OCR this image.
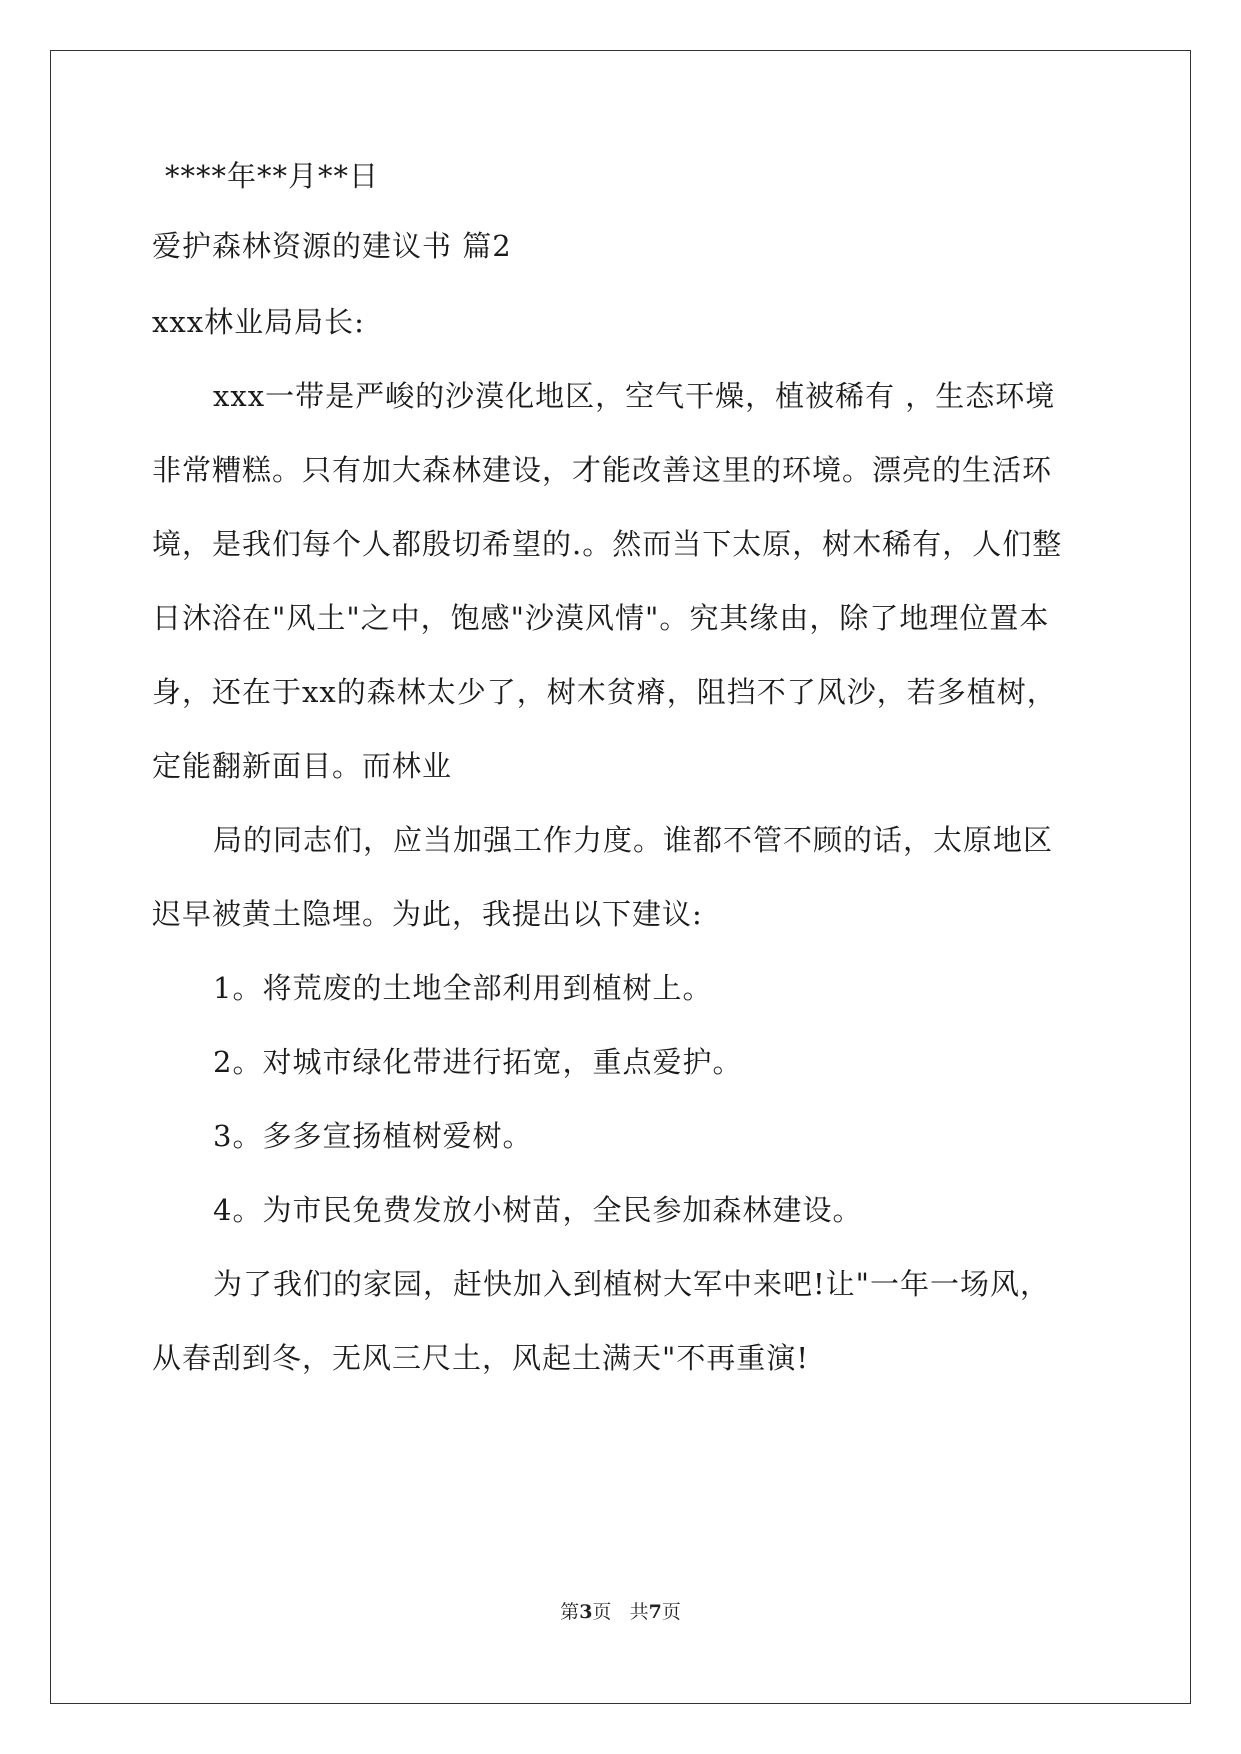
****年**月**日
爱护森林资源的建议书 篇2
xxx林业局局长:
xxx一带是严峻的沙漠化地区，空气干燥，植被稀有 ，生态环境
非常糟糕。只有加大森林建设，才能改善这里的环境。漂亮的生活环
境，是我们每个人都殷切希望的.。然而当下太原，树木稀有，人们整
日沐浴在"风土"之中，饱感"沙漠风情"。究其缘由，除了地理位置本
身，还在于xx的森林太少了，树木贫瘠，阻挡不了风沙，若多植树，
定能翻新面目。而林业
局的同志们，应当加强工作力度。谁都不管不顾的话，太原地区
迟早被黄土隐埋。为此，我提出以下建议:
1。将荒废的土地全部利用到植树上。
2。对城市绿化带进行拓宽，重点爱护。
3。多多宣扬植树爱树。
4。为市民免费发放小树苗，全民参加森林建设。
为了我们的家园，赶快加入到植树大军中来吧!让"一年一场风，
从春刮到冬，无风三尺土，风起土满天"不再重演!
第3页 共7页
